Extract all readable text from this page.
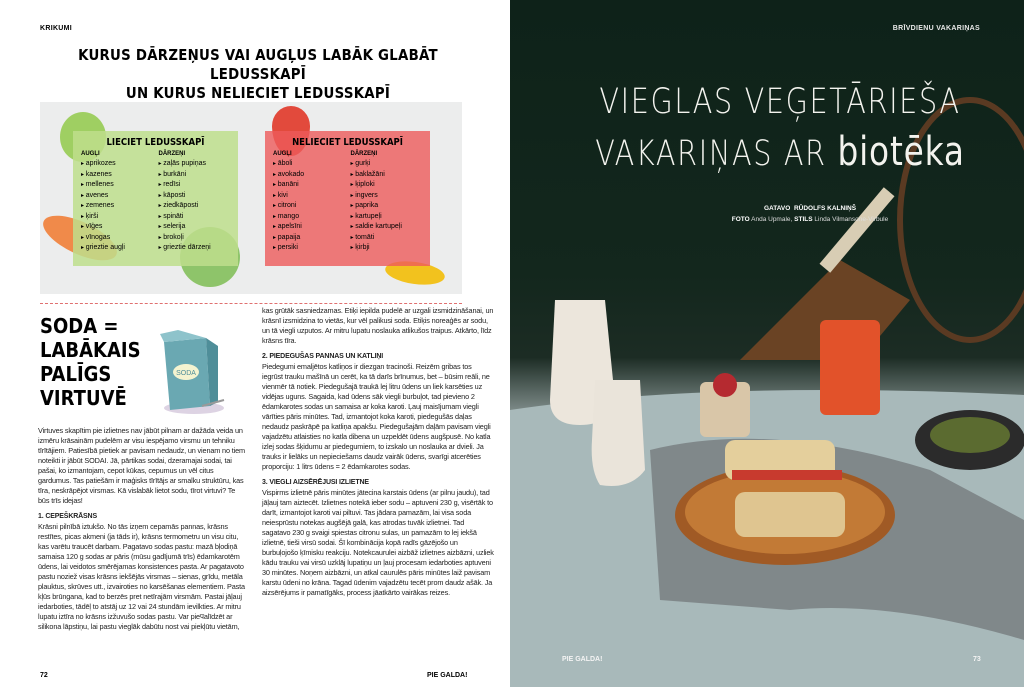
KRIKUMI
KURUS DĀRZEŅUS VAI AUGĻUS LABĀK GLABĀT LEDUSSKAPĪ
UN KURUS NELIECIET LEDUSSKAPĪ
LIECIET LEDUSSKAPĪ
AUGĻI
▸ aprikozes
▸ kazenes
▸ mellenes
▸ avenes
▸ zemenes
▸ ķirši
▸ vīģes
▸ vīnogas
▸ grieztie augļi
DĀRZEŅI
▸ zaļās pupiņas
▸ burkāni
▸ redīsi
▸ kāposti
▸ ziedkāposti
▸ spināti
▸ selerija
▸ brokoļi
▸ grieztie dārzeņi
NELIECIET LEDUSSKAPĪ
AUGĻI
▸ āboli
▸ avokado
▸ banāni
▸ kivi
▸ citroni
▸ mango
▸ apelsīni
▸ papaija
▸ persiki
DĀRZEŅI
▸ gurķi
▸ baklažāni
▸ ķiploki
▸ ingvers
▸ paprika
▸ kartupeļi
▸ saldie kartupeļi
▸ tomāti
▸ ķirbji
SODA =
LABĀKAIS
PALĪGS
VIRTUVĒ
SODA

Virtuves skapītim pie izlietnes nav jābūt pilnam ar dažāda veida un izmēru krāsainām pudelēm ar visu iespējamo virsmu un tehniku tīrītājiem. Patiesībā pietiek ar pavisam nedaudz, un vienam no tiem noteikti ir jābūt SODAI. Jā, pārtikas sodai, dzeramajai sodai, tai pašai, ko izmantojam, cepot kūkas, cepumus un vēl citus gardumus. Tas patiešām ir maģisks tīrītājs ar smalku struktūru, kas tīra, neskrāpējot virsmas. Kā vislabāk lietot sodu, tīrot virtuvi? Te būs trīs idejas!

1. CEPEŠKRĀSNS

Krāsni pilnībā iztukšo. No tās izņem cepamās pannas, krāsns restītes, picas akmeni (ja tāds ir), krāsns termometru un visu citu, kas varētu traucēt darbam. Pagatavo sodas pastu: mazā bļodiņā samaisa 120 g sodas ar pāris (mūsu gadījumā trīs) ēdamkarotēm ūdens, lai veidotos smērējamas konsistences pasta. Ar pagatavoto pastu noziež visas krāsns iekšējās virsmas – sienas, grīdu, metāla plauktus, skrūves utt., izvairoties no karsēšanas elementiem. Pasta kļūs brūngana, kad to berzēs pret netīrajām virsmām. Pastai jāļauj iedarboties, tādēļ to atstāj uz 12 vai 24 stundām ievilkties. Ar mitru lupatu iztīra no krāsns izžuvušo sodas pastu. Var pieपalīdzēt ar silikona lāpstiņu, lai pastu vieglāk dabūtu nost vai piekļūtu vietām,

kas grūtāk sasniedzamas. Etiķi iepilda pudelē ar uzgali izsmidzināšanai, un krāsnī izsmidzina to vietās, kur vēl palikusi soda. Etiķis noreaģēs ar sodu, un tā viegli uzputos. Ar mitru lupatu noslauka atlikušos traipus. Atkārto, līdz krāsns tīra.

2. PIEDEGUŠAS PANNAS UN KATLIŅI

Piedegumi emaljētos katliņos ir diezgan tracinoši. Reizēm gribas tos iegrūst trauku mašīnā un cerēt, ka tā darīs brīnumus, bet – būsim reāli, ne vienmēr tā notiek. Piedegušajā traukā lej litru ūdens un liek karsēties uz vidējas uguns. Sagaida, kad ūdens sāk viegli burbuļot, tad pievieno 2 ēdamkarotes sodas un samaisa ar koka karoti. Ļauj maisījumam viegli vārīties pāris minūtes. Tad, izmantojot koka karoti, piedegušās daļas nedaudz paskrāpē pa katliņa apakšu. Piedegušajām daļām pavisam viegli vajadzētu atlaisties no katla dibena un uzpeldēt ūdens augšpusē. No katla izlej sodas šķidumu ar piedegumiem, to izskalo un noslauka ar dvieli. Ja trauks ir lielāks un nepieciešams daudz vairāk ūdens, svarīgi atcerēties proporciju: 1 litrs ūdens = 2 ēdamkarotes sodas.

3. VIEGLI AIZSĒRĒJUSI IZLIETNE

Vispirms izlietnē pāris minūtes jātecina karstais ūdens (ar pilnu jaudu), tad jāļauj tam aiztecēt. Izlietnes notekā ieber sodu – aptuveni 230 g, visērtāk to darīt, izmantojot karoti vai piltuvi. Tas jādara pamazām, lai visa soda neiesprūstu notekas augšējā galā, kas atrodas tuvāk izlietnei. Tad sagatavo 230 g svaigi spiestas citronu sulas, un pamazām to lej iekšā izlietnē, tieši virsū sodai. Šī kombinācija kopā radīs gāzējošo un burbuļojošo ķīmisku reakciju. Notekcaurulei aizbāž izlietnes aizbāzni, uzliek kādu trauku vai virsū uzklāj lupatiņu un ļauj procesam iedarboties aptuveni 30 minūtes. Noņem aizbāzni, un atkal caurulēs pāris minūtes laiž pavisam karstu ūdeni no krāna. Tagad ūdenim vajadzētu tecēt prom daudz ašāk. Ja aizsērējums ir pamatīgāks, process jāatkārto vairākas reizes.

72	PIE GALDA!
BRĪVDIENU VAKARIŅAS
VIEGLAS VEĢETĀRIEŠA
VAKARIŅAS AR biotēka
GATAVO RŪDOLFS KALNIŅŠ
FOTO Anda Upmale, STILS Linda Vilmansone-Virbule
PIE GALDA!	73
